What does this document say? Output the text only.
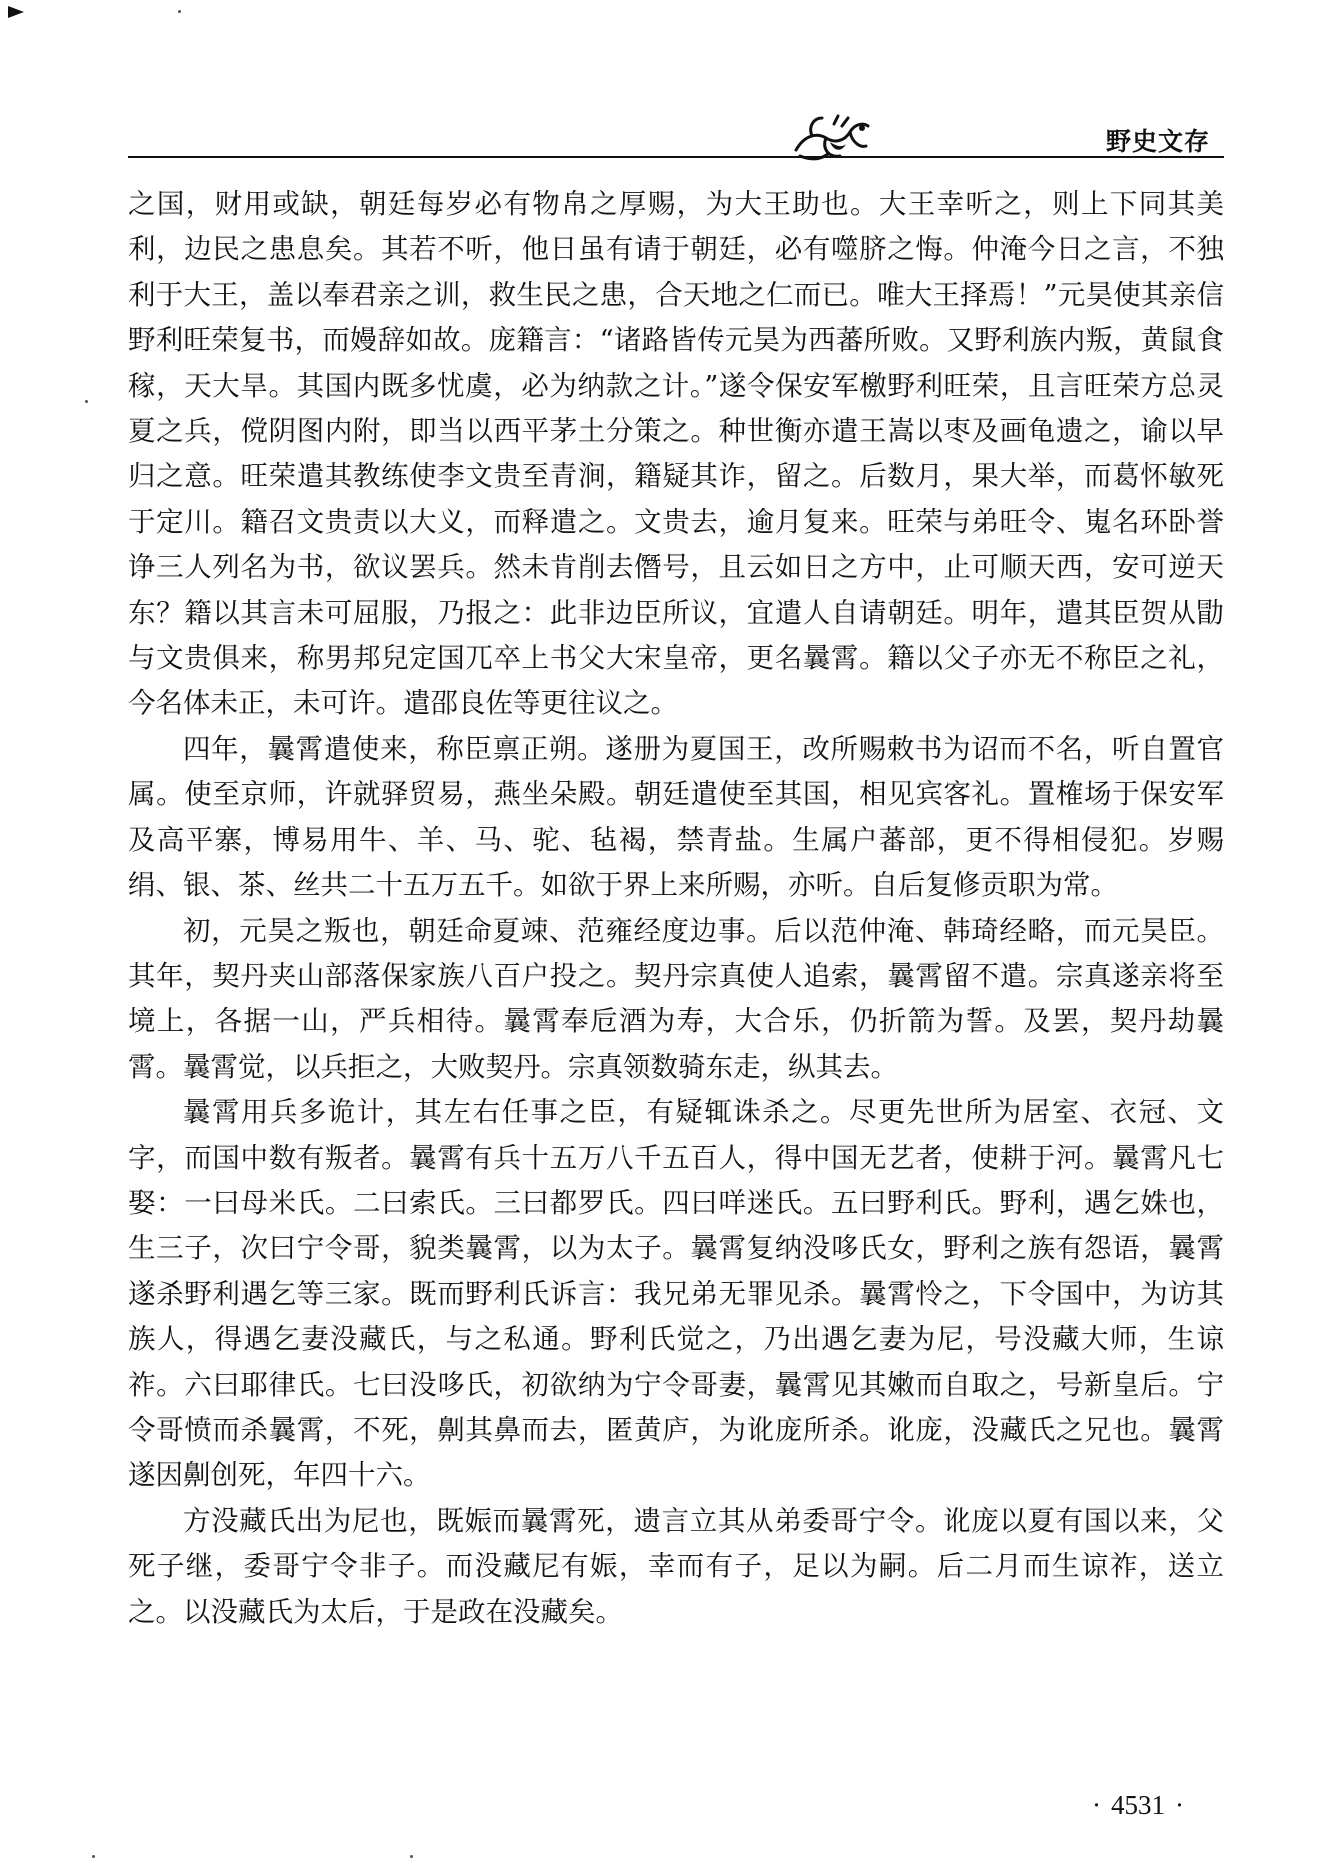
野史文存

之国，财用或缺，朝廷每岁必有物帛之厚赐，为大王助也。大王幸听之，则上下同其美利，边民之患息矣。其若不听，他日虽有请于朝廷，必有噬脐之悔。仲淹今日之言，不独利于大王，盖以奉君亲之训，救生民之患，合天地之仁而已。唯大王择焉！”元昊使其亲信野利旺荣复书，而嫚辞如故。庞籍言：“诸路皆传元昊为西蕃所败。又野利族内叛，黄鼠食稼，天大旱。其国内既多忧虞，必为纳款之计。”遂令保安军檄野利旺荣，且言旺荣方总灵夏之兵，傥阴图内附，即当以西平茅土分策之。种世衡亦遣王嵩以枣及画龟遗之，谕以早归之意。旺荣遣其教练使李文贵至青涧，籍疑其诈，留之。后数月，果大举，而葛怀敏死于定川。籍召文贵责以大义，而释遣之。文贵去，逾月复来。旺荣与弟旺令、嵬名环卧誉诤三人列名为书，欲议罢兵。然未肯削去僭号，且云如日之方中，止可顺天西，安可逆天东？籍以其言未可屈服，乃报之：此非边臣所议，宜遣人自请朝廷。明年，遣其臣贺从勖与文贵俱来，称男邦兒定国兀卒上书父大宋皇帝，更名曩霄。籍以父子亦无不称臣之礼，今名体未正，未可许。遣邵良佐等更往议之。

四年，曩霄遣使来，称臣禀正朔。遂册为夏国王，改所赐敕书为诏而不名，听自置官属。使至京师，许就驿贸易，燕坐朵殿。朝廷遣使至其国，相见宾客礼。置榷场于保安军及高平寨，博易用牛、羊、马、驼、毡褐，禁青盐。生属户蕃部，更不得相侵犯。岁赐绢、银、茶、丝共二十五万五千。如欲于界上来所赐，亦听。自后复修贡职为常。

初，元昊之叛也，朝廷命夏竦、范雍经度边事。后以范仲淹、韩琦经略，而元昊臣。其年，契丹夹山部落保家族八百户投之。契丹宗真使人追索，曩霄留不遣。宗真遂亲将至境上，各据一山，严兵相待。曩霄奉卮酒为寿，大合乐，仍折箭为誓。及罢，契丹劫曩霄。曩霄觉，以兵拒之，大败契丹。宗真领数骑东走，纵其去。

曩霄用兵多诡计，其左右任事之臣，有疑辄诛杀之。尽更先世所为居室、衣冠、文字，而国中数有叛者。曩霄有兵十五万八千五百人，得中国无艺者，使耕于河。曩霄凡七娶：一曰母米氏。二曰索氏。三曰都罗氏。四曰咩迷氏。五曰野利氏。野利，遇乞姝也，生三子，次曰宁令哥，貌类曩霄，以为太子。曩霄复纳没哆氏女，野利之族有怨语，曩霄遂杀野利遇乞等三家。既而野利氏诉言：我兄弟无罪见杀。曩霄怜之，下令国中，为访其族人，得遇乞妻没藏氏，与之私通。野利氏觉之，乃出遇乞妻为尼，号没藏大师，生谅祚。六曰耶律氏。七曰没哆氏，初欲纳为宁令哥妻，曩霄见其嫩而自取之，号新皇后。宁令哥愤而杀曩霄，不死，劓其鼻而去，匿黄庐，为讹庞所杀。讹庞，没藏氏之兄也。曩霄遂因劓创死，年四十六。

方没藏氏出为尼也，既娠而曩霄死，遗言立其从弟委哥宁令。讹庞以夏有国以来，父死子继，委哥宁令非子。而没藏尼有娠，幸而有子，足以为嗣。后二月而生谅祚，送立之。以没藏氏为太后，于是政在没藏矣。

· 4531 ·
